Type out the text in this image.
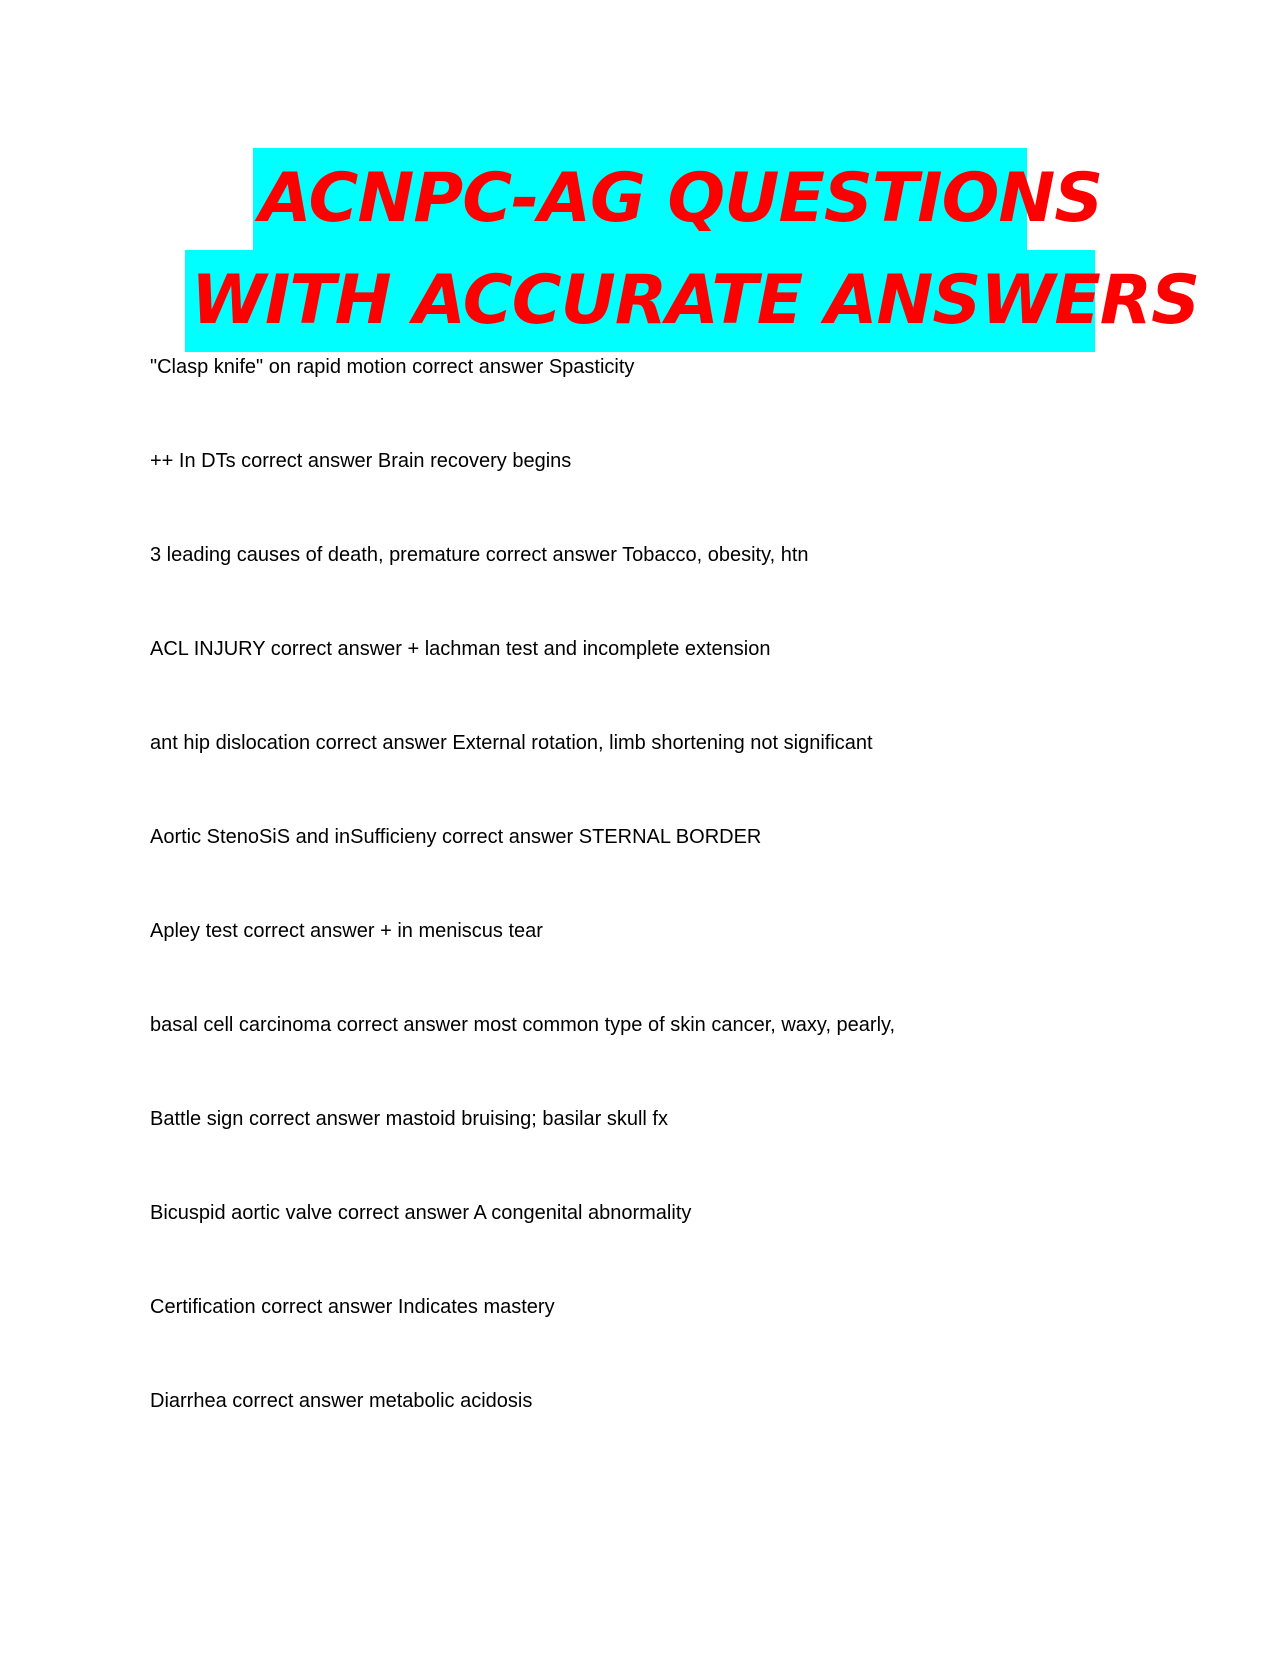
ACNPC-AG QUESTIONS
WITH ACCURATE ANSWERS
"Clasp knife" on rapid motion correct answer Spasticity
++ In DTs correct answer Brain recovery begins
3 leading causes of death, premature correct answer Tobacco, obesity, htn
ACL INJURY correct answer + lachman test and incomplete extension
ant hip dislocation correct answer External rotation, limb shortening not significant
Aortic StenoSiS and inSufficieny correct answer STERNAL BORDER
Apley test correct answer + in meniscus tear
basal cell carcinoma correct answer most common type of skin cancer, waxy, pearly,
Battle sign correct answer mastoid bruising; basilar skull fx
Bicuspid aortic valve correct answer A congenital abnormality
Certification correct answer Indicates mastery
Diarrhea correct answer metabolic acidosis
